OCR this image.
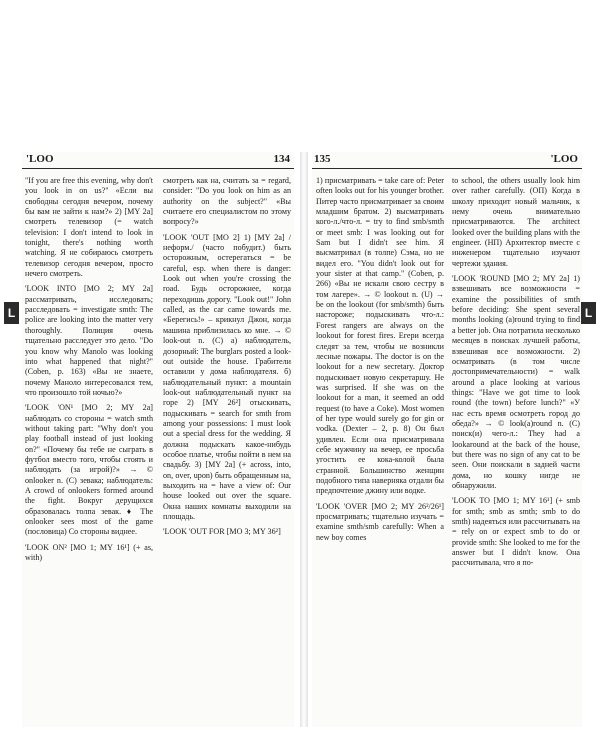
'LOO	134

"If you are free this evening, why don't you look in on us?" «Если вы свободны сегодня вечером, почему бы вам не зайти к нам?» 2) [MY 2a] смотреть телевизор (= watch television: I don't intend to look in tonight, there's nothing worth watching. Я не собираюсь смотреть телевизор сегодня вечером, просто нечего смотреть.

'LOOK INTO [MO 2; MY 2a] рассматривать, исследовать; расследовать = investigate smth: The police are looking into the matter very thoroughly. Полиция очень тщательно расследует это дело. "Do you know why Manolo was looking into what happened that night?" (Coben, p. 163) «Вы не знаете, почему Маноло интересовался тем, что произошло той ночью?»

'LOOK 'ON¹ [MO 2; MY 2a] наблюдать со стороны = watch smth without taking part: "Why don't you play football instead of just looking on?" «Почему бы тебе не сыграть в футбол вместо того, чтобы стоять и наблюдать (за игрой)?» → © onlooker n. (C) зевака; наблюдатель: A crowd of onlookers formed around the fight. Вокруг дерущихся образовалась толпа зевак. ♦ The onlooker sees most of the game (пословица) Со стороны виднее.

'LOOK ON² [MO 1; MY 16¹] (+ as, with)

смотреть как на, считать за = regard, consider: "Do you look on him as an authority on the subject?" «Вы считаете его специалистом по этому вопросу?»

'LOOK 'OUT [MO 2] 1) [MY 2a] /неформ./ (часто побудит.) быть осторожным, остерегаться = be careful, esp. when there is danger: Look out when you're crossing the road. Будь осторожнее, когда переходишь дорогу. "Look out!" John called, as the car came towards me. «Берегись!» – крикнул Джон, когда машина приблизилась ко мне. → © look-out n. (C) a) наблюдатель, дозорный: The burglars posted a look-out outside the house. Грабители оставили у дома наблюдателя. б) наблюдательный пункт: a mountain look-out наблюдательный пункт на горе 2) [MY 26²] отыскивать, подыскивать = search for smth from among your possessions: I must look out a special dress for the wedding. Я должна подыскать какое-нибудь особое платье, чтобы пойти в нем на свадьбу. 3) [MY 2a] (+ across, into, on, over, upon) быть обращенным на, выходить на = have a view of: Our house looked out over the square. Окна наших комнаты выходили на площадь.

'LOOK 'OUT FOR [MO 3; MY 36²]

135	'LOO

1) присматривать = take care of: Peter often looks out for his younger brother. Питер часто присматривает за своим младшим братом. 2) высматривать кого-л./что-л. = try to find smb/smth or meet smb: I was looking out for Sam but I didn't see him. Я высматривал (в толпе) Сэма, но не видел его. "You didn't look out for your sister at that camp." (Coben, p. 266) «Вы не искали свою сестру в том лагере». → © lookout n. (U) → be on the lookout (for smb/smth) быть настороже; подыскивать что-л.: Forest rangers are always on the lookout for forest fires. Егери всегда следят за тем, чтобы не возникли лесные пожары. The doctor is on the lookout for a new secretary. Доктор подыскивает новую секретаршу. He was surprised. If she was on the lookout for a man, it seemed an odd request (to have a Coke). Most women of her type would surely go for gin or vodka. (Dexter – 2, p. 8) Он был удивлен. Если она присматривала себе мужчину на вечер, ее просьба угостить ее кока-колой была странной. Большинство женщин подобного типа наверняка отдали бы предпочтение джину или водке.

'LOOK 'OVER [MO 2; MY 26²/26¹] просматривать; тщательно изучать = examine smth/smb carefully: When a new boy comes

to school, the others usually look him over rather carefully. (ОП) Когда в школу приходит новый мальчик, к нему очень внимательно присматриваются. The architect looked over the building plans with the engineer. (НП) Архитектор вместе с инженером тщательно изучают чертежи здания.

'LOOK 'ROUND [MO 2; MY 2a] 1) взвешивать все возможности = examine the possibilities of smth before deciding: She spent several months looking (a)round trying to find a better job. Она потратила несколько месяцев в поисках лучшей работы, взвешивая все возможности. 2) осматривать (в том числе достопримечательности) = walk around a place looking at various things: "Have we got time to look round (the town) before lunch?" «У нас есть время осмотреть город до обеда?» → © look(a)round n. (C) поиск(и) чего-л.: They had a lookaround at the back of the house, but there was no sign of any cat to be seen. Они поискали в задней части дома, но кошку нигде не обнаружили.

'LOOK TO [MO 1; MY 16¹] (+ smb for smth; smb as smth; smb to do smth) надеяться или рассчитывать на = rely on or expect smb to do or provide smth: She looked to me for the answer but I didn't know. Она рассчитывала, что я по-

L	L
